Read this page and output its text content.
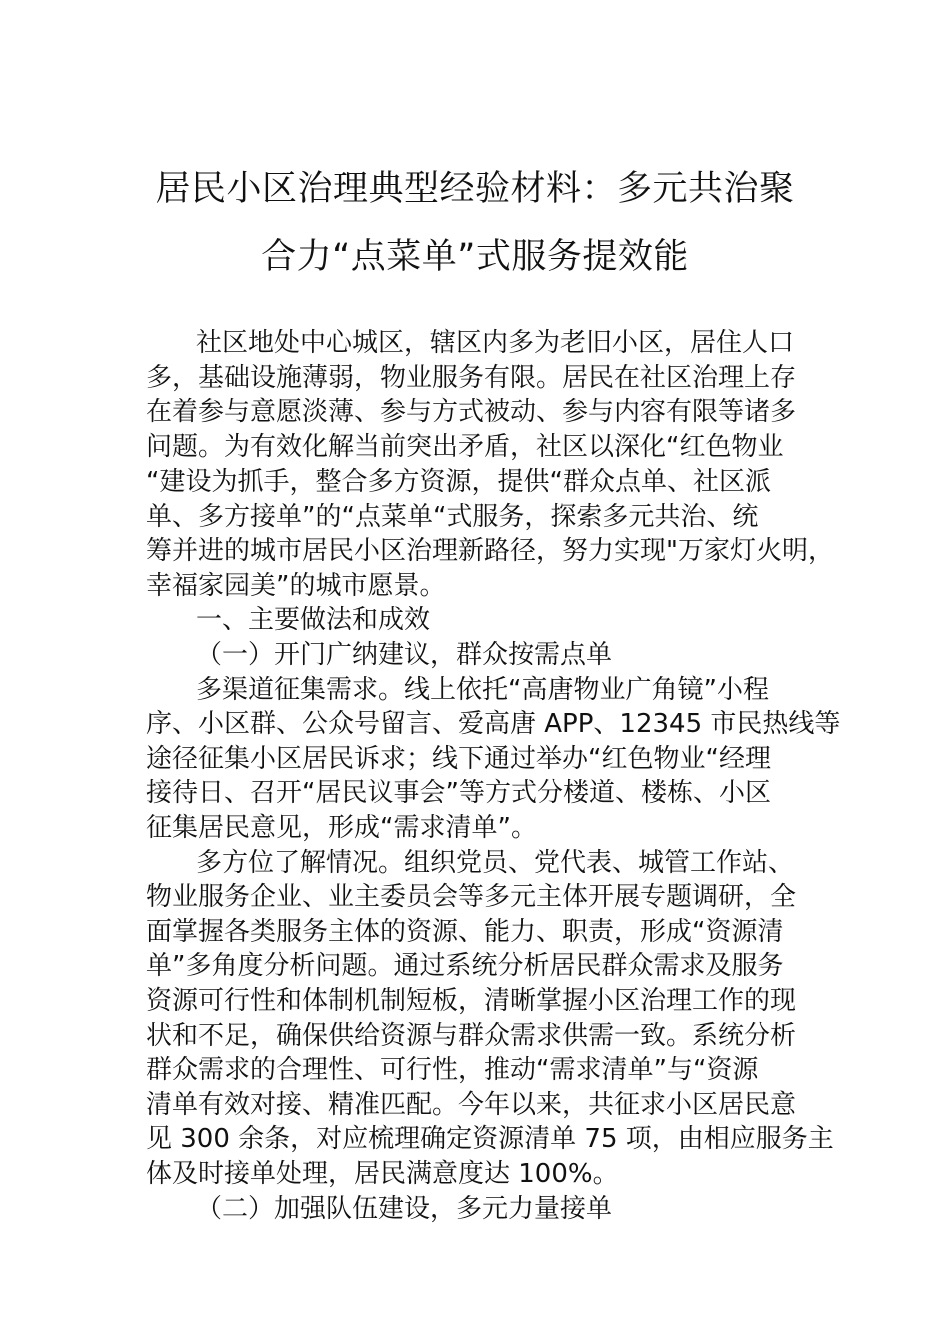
居民小区治理典型经验材料：多元共治聚
合力“点菜单”式服务提效能
社区地处中心城区，辖区内多为老旧小区，居住人口
多，基础设施薄弱，物业服务有限。居民在社区治理上存
在着参与意愿淡薄、参与方式被动、参与内容有限等诸多
问题。为有效化解当前突出矛盾，社区以深化“红色物业
“建设为抓手，整合多方资源，提供“群众点单、社区派
单、多方接单”的“点菜单“式服务，探索多元共治、统
筹并进的城市居民小区治理新路径，努力实现"万家灯火明，
幸福家园美”的城市愿景。
一、主要做法和成效
（一）开门广纳建议，群众按需点单
多渠道征集需求。线上依托“高唐物业广角镜”小程
序、小区群、公众号留言、爱高唐 APP、12345 市民热线等
途径征集小区居民诉求；线下通过举办“红色物业“经理
接待日、召开“居民议事会”等方式分楼道、楼栋、小区
征集居民意见，形成“需求清单”。
多方位了解情况。组织党员、党代表、城管工作站、
物业服务企业、业主委员会等多元主体开展专题调研，全
面掌握各类服务主体的资源、能力、职责，形成“资源清
单”多角度分析问题。通过系统分析居民群众需求及服务
资源可行性和体制机制短板，清晰掌握小区治理工作的现
状和不足，确保供给资源与群众需求供需一致。系统分析
群众需求的合理性、可行性，推动“需求清单”与“资源
清单有效对接、精准匹配。今年以来，共征求小区居民意
见 300 余条，对应梳理确定资源清单 75 项，由相应服务主
体及时接单处理，居民满意度达 100%。
（二）加强队伍建设，多元力量接单
